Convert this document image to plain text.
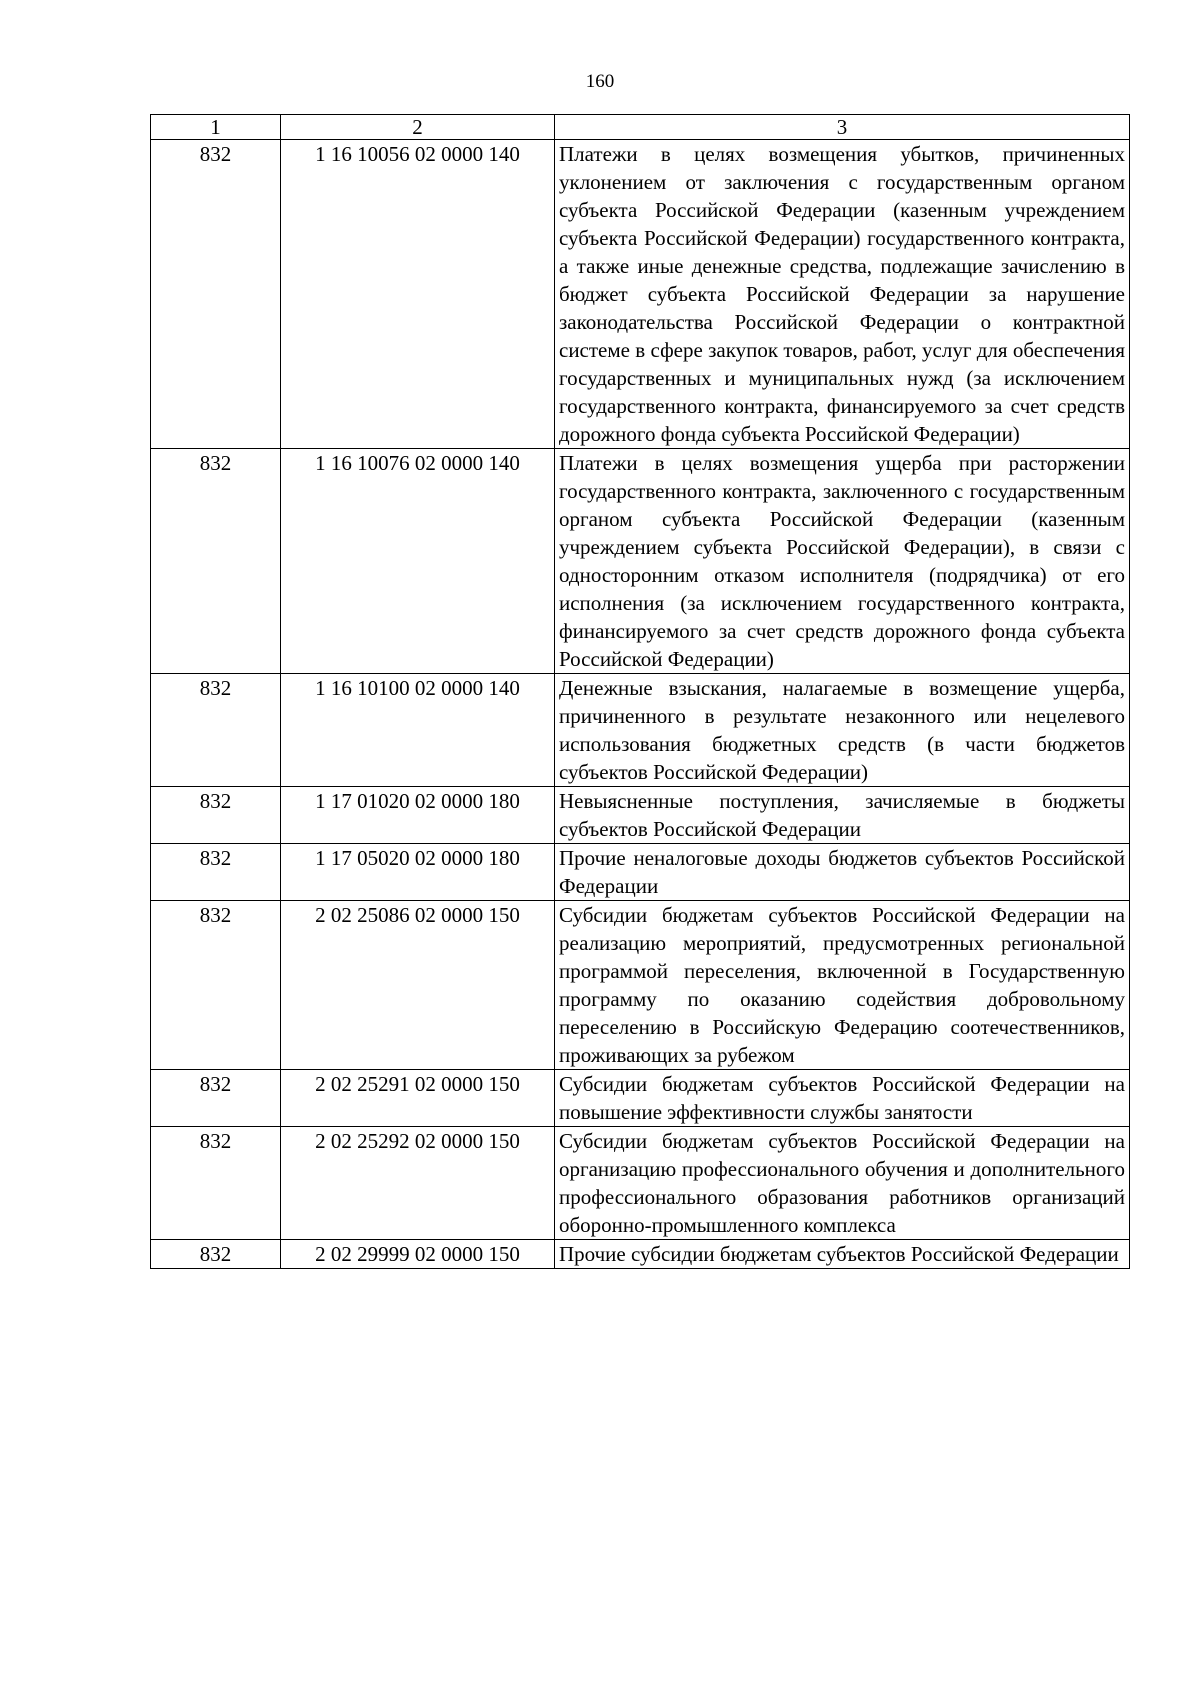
160
1	2	3
832	1 16 10056 02 0000 140	Платежи в целях возмещения убытков, причиненных уклонением от заключения с государственным органом субъекта Российской Федерации (казенным учреждением субъекта Российской Федерации) государственного контракта, а также иные денежные средства, подлежащие зачислению в бюджет субъекта Российской Федерации за нарушение законодательства Российской Федерации о контрактной системе в сфере закупок товаров, работ, услуг для обеспечения государственных и муниципальных нужд (за исключением государственного контракта, финансируемого за счет средств дорожного фонда субъекта Российской Федерации)
832	1 16 10076 02 0000 140	Платежи в целях возмещения ущерба при расторжении государственного контракта, заключенного с государственным органом субъекта Российской Федерации (казенным учреждением субъекта Российской Федерации), в связи с односторонним отказом исполнителя (подрядчика) от его исполнения (за исключением государственного контракта, финансируемого за счет средств дорожного фонда субъекта Российской Федерации)
832	1 16 10100 02 0000 140	Денежные взыскания, налагаемые в возмещение ущерба, причиненного в результате незаконного или нецелевого использования бюджетных средств (в части бюджетов субъектов Российской Федерации)
832	1 17 01020 02 0000 180	Невыясненные поступления, зачисляемые в бюджеты субъектов Российской Федерации
832	1 17 05020 02 0000 180	Прочие неналоговые доходы бюджетов субъектов Российской Федерации
832	2 02 25086 02 0000 150	Субсидии бюджетам субъектов Российской Федерации на реализацию мероприятий, предусмотренных региональной программой переселения, включенной в Государственную программу по оказанию содействия добровольному переселению в Российскую Федерацию соотечественников, проживающих за рубежом
832	2 02 25291 02 0000 150	Субсидии бюджетам субъектов Российской Федерации на повышение эффективности службы занятости
832	2 02 25292 02 0000 150	Субсидии бюджетам субъектов Российской Федерации на организацию профессионального обучения и дополнительного профессионального образования работников организаций оборонно-промышленного комплекса
832	2 02 29999 02 0000 150	Прочие субсидии бюджетам субъектов Российской Федерации
